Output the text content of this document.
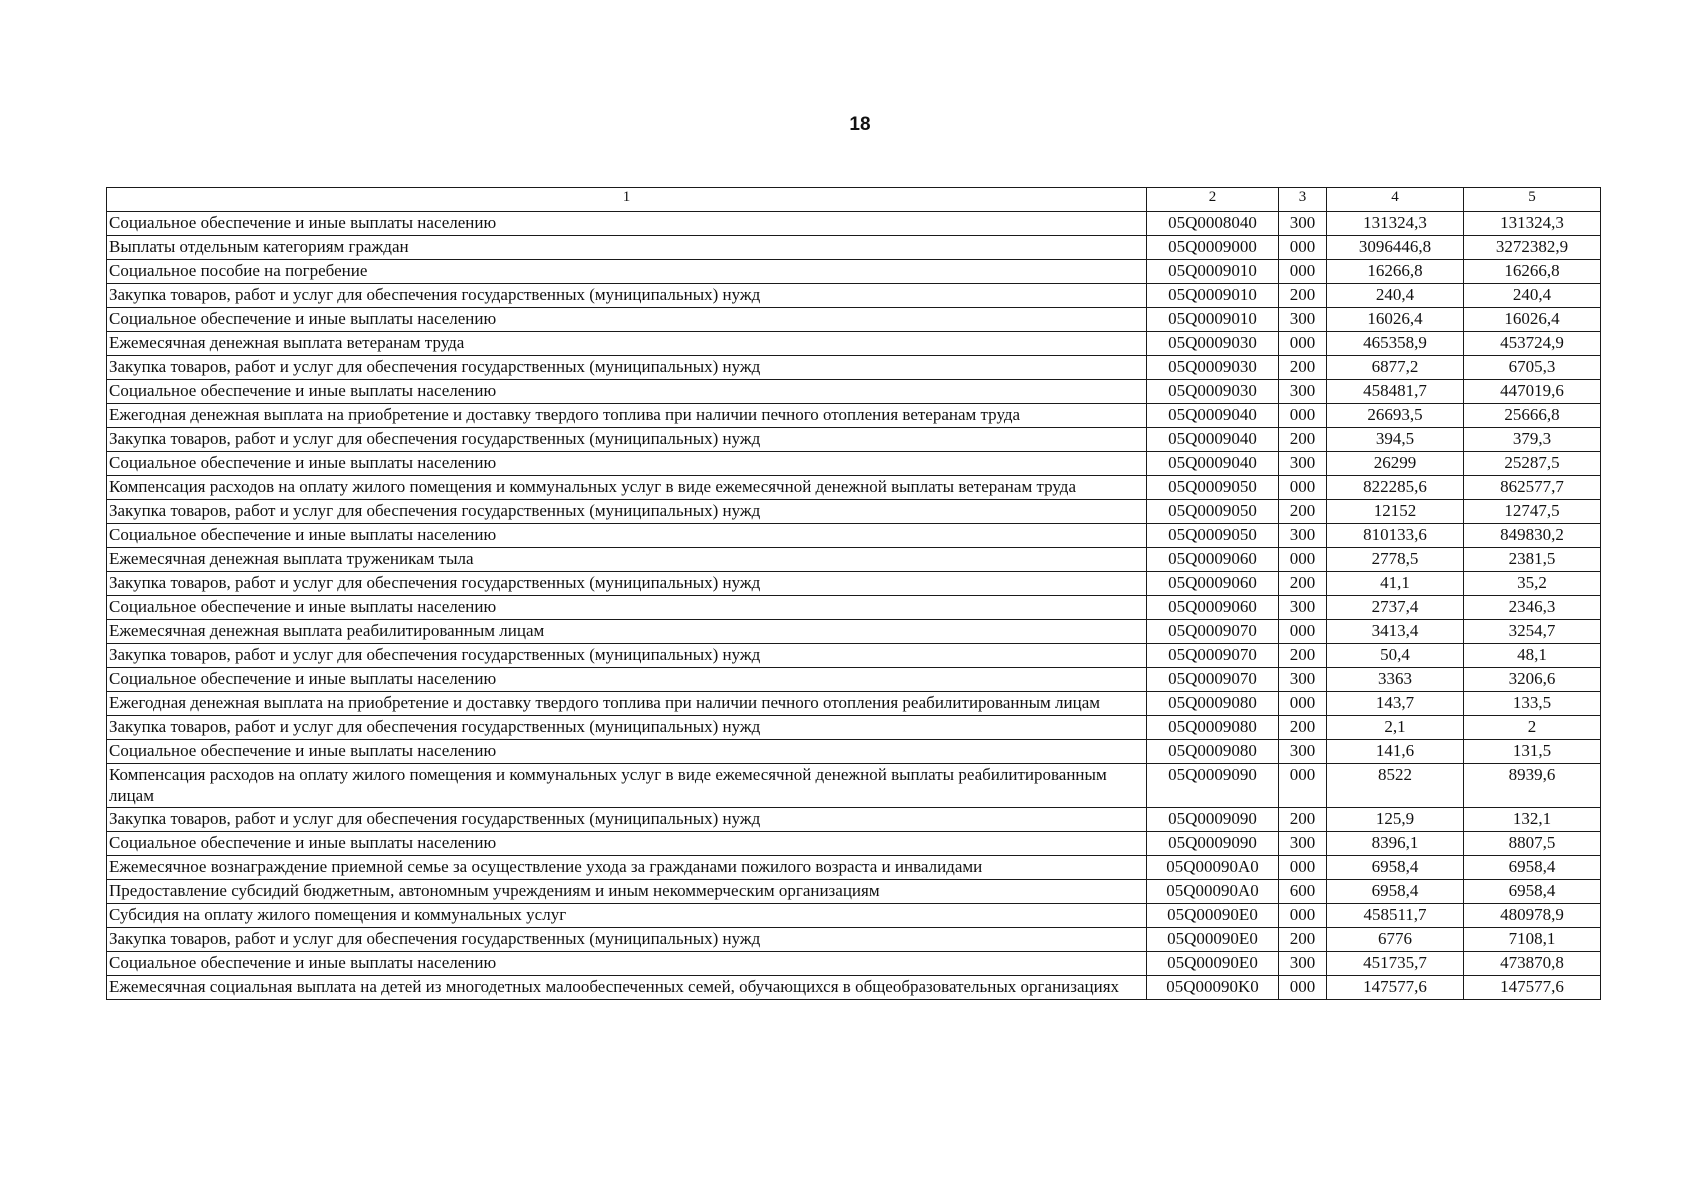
18
1	2	3	4	5
Социальное обеспечение и иные выплаты населению	05Q0008040	300	131324,3	131324,3
Выплаты отдельным категориям граждан	05Q0009000	000	3096446,8	3272382,9
Социальное пособие на погребение	05Q0009010	000	16266,8	16266,8
Закупка товаров, работ и услуг для обеспечения государственных (муниципальных) нужд	05Q0009010	200	240,4	240,4
Социальное обеспечение и иные выплаты населению	05Q0009010	300	16026,4	16026,4
Ежемесячная денежная выплата ветеранам труда	05Q0009030	000	465358,9	453724,9
Закупка товаров, работ и услуг для обеспечения государственных (муниципальных) нужд	05Q0009030	200	6877,2	6705,3
Социальное обеспечение и иные выплаты населению	05Q0009030	300	458481,7	447019,6
Ежегодная денежная выплата на приобретение и доставку твердого топлива при наличии печного отопления ветеранам труда	05Q0009040	000	26693,5	25666,8
Закупка товаров, работ и услуг для обеспечения государственных (муниципальных) нужд	05Q0009040	200	394,5	379,3
Социальное обеспечение и иные выплаты населению	05Q0009040	300	26299	25287,5
Компенсация расходов на оплату жилого помещения и коммунальных услуг в виде ежемесячной денежной выплаты ветеранам труда	05Q0009050	000	822285,6	862577,7
Закупка товаров, работ и услуг для обеспечения государственных (муниципальных) нужд	05Q0009050	200	12152	12747,5
Социальное обеспечение и иные выплаты населению	05Q0009050	300	810133,6	849830,2
Ежемесячная денежная выплата труженикам тыла	05Q0009060	000	2778,5	2381,5
Закупка товаров, работ и услуг для обеспечения государственных (муниципальных) нужд	05Q0009060	200	41,1	35,2
Социальное обеспечение и иные выплаты населению	05Q0009060	300	2737,4	2346,3
Ежемесячная денежная выплата реабилитированным лицам	05Q0009070	000	3413,4	3254,7
Закупка товаров, работ и услуг для обеспечения государственных (муниципальных) нужд	05Q0009070	200	50,4	48,1
Социальное обеспечение и иные выплаты населению	05Q0009070	300	3363	3206,6
Ежегодная денежная выплата на приобретение и доставку твердого топлива при наличии печного отопления реабилитированным лицам	05Q0009080	000	143,7	133,5
Закупка товаров, работ и услуг для обеспечения государственных (муниципальных) нужд	05Q0009080	200	2,1	2
Социальное обеспечение и иные выплаты населению	05Q0009080	300	141,6	131,5
Компенсация расходов на оплату жилого помещения и коммунальных услуг в виде ежемесячной денежной выплаты реабилитированным лицам	05Q0009090	000	8522	8939,6
Закупка товаров, работ и услуг для обеспечения государственных (муниципальных) нужд	05Q0009090	200	125,9	132,1
Социальное обеспечение и иные выплаты населению	05Q0009090	300	8396,1	8807,5
Ежемесячное вознаграждение приемной семье за осуществление ухода за гражданами пожилого возраста и инвалидами	05Q00090A0	000	6958,4	6958,4
Предоставление субсидий бюджетным, автономным учреждениям и иным некоммерческим организациям	05Q00090A0	600	6958,4	6958,4
Субсидия на оплату жилого помещения и коммунальных услуг	05Q00090E0	000	458511,7	480978,9
Закупка товаров, работ и услуг для обеспечения государственных (муниципальных) нужд	05Q00090E0	200	6776	7108,1
Социальное обеспечение и иные выплаты населению	05Q00090E0	300	451735,7	473870,8
Ежемесячная социальная выплата на детей из многодетных малообеспеченных семей, обучающихся в общеобразовательных организациях	05Q00090K0	000	147577,6	147577,6
